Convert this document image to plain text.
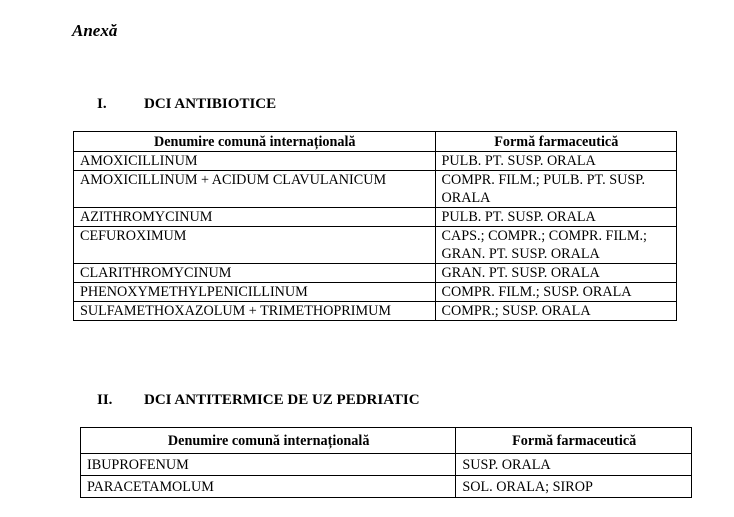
Anexă
I. DCI ANTIBIOTICE
Denumire comună internațională	Formă farmaceutică
AMOXICILLINUM	PULB. PT. SUSP. ORALA
AMOXICILLINUM + ACIDUM CLAVULANICUM	COMPR. FILM.; PULB. PT. SUSP. ORALA
AZITHROMYCINUM	PULB. PT. SUSP. ORALA
CEFUROXIMUM	CAPS.; COMPR.; COMPR. FILM.; GRAN. PT. SUSP. ORALA
CLARITHROMYCINUM	GRAN. PT. SUSP. ORALA
PHENOXYMETHYLPENICILLINUM	COMPR. FILM.; SUSP. ORALA
SULFAMETHOXAZOLUM + TRIMETHOPRIMUM	COMPR.; SUSP. ORALA
II. DCI ANTITERMICE DE UZ PEDRIATIC
Denumire comună internațională	Formă farmaceutică
IBUPROFENUM	SUSP. ORALA
PARACETAMOLUM	SOL. ORALA; SIROP
